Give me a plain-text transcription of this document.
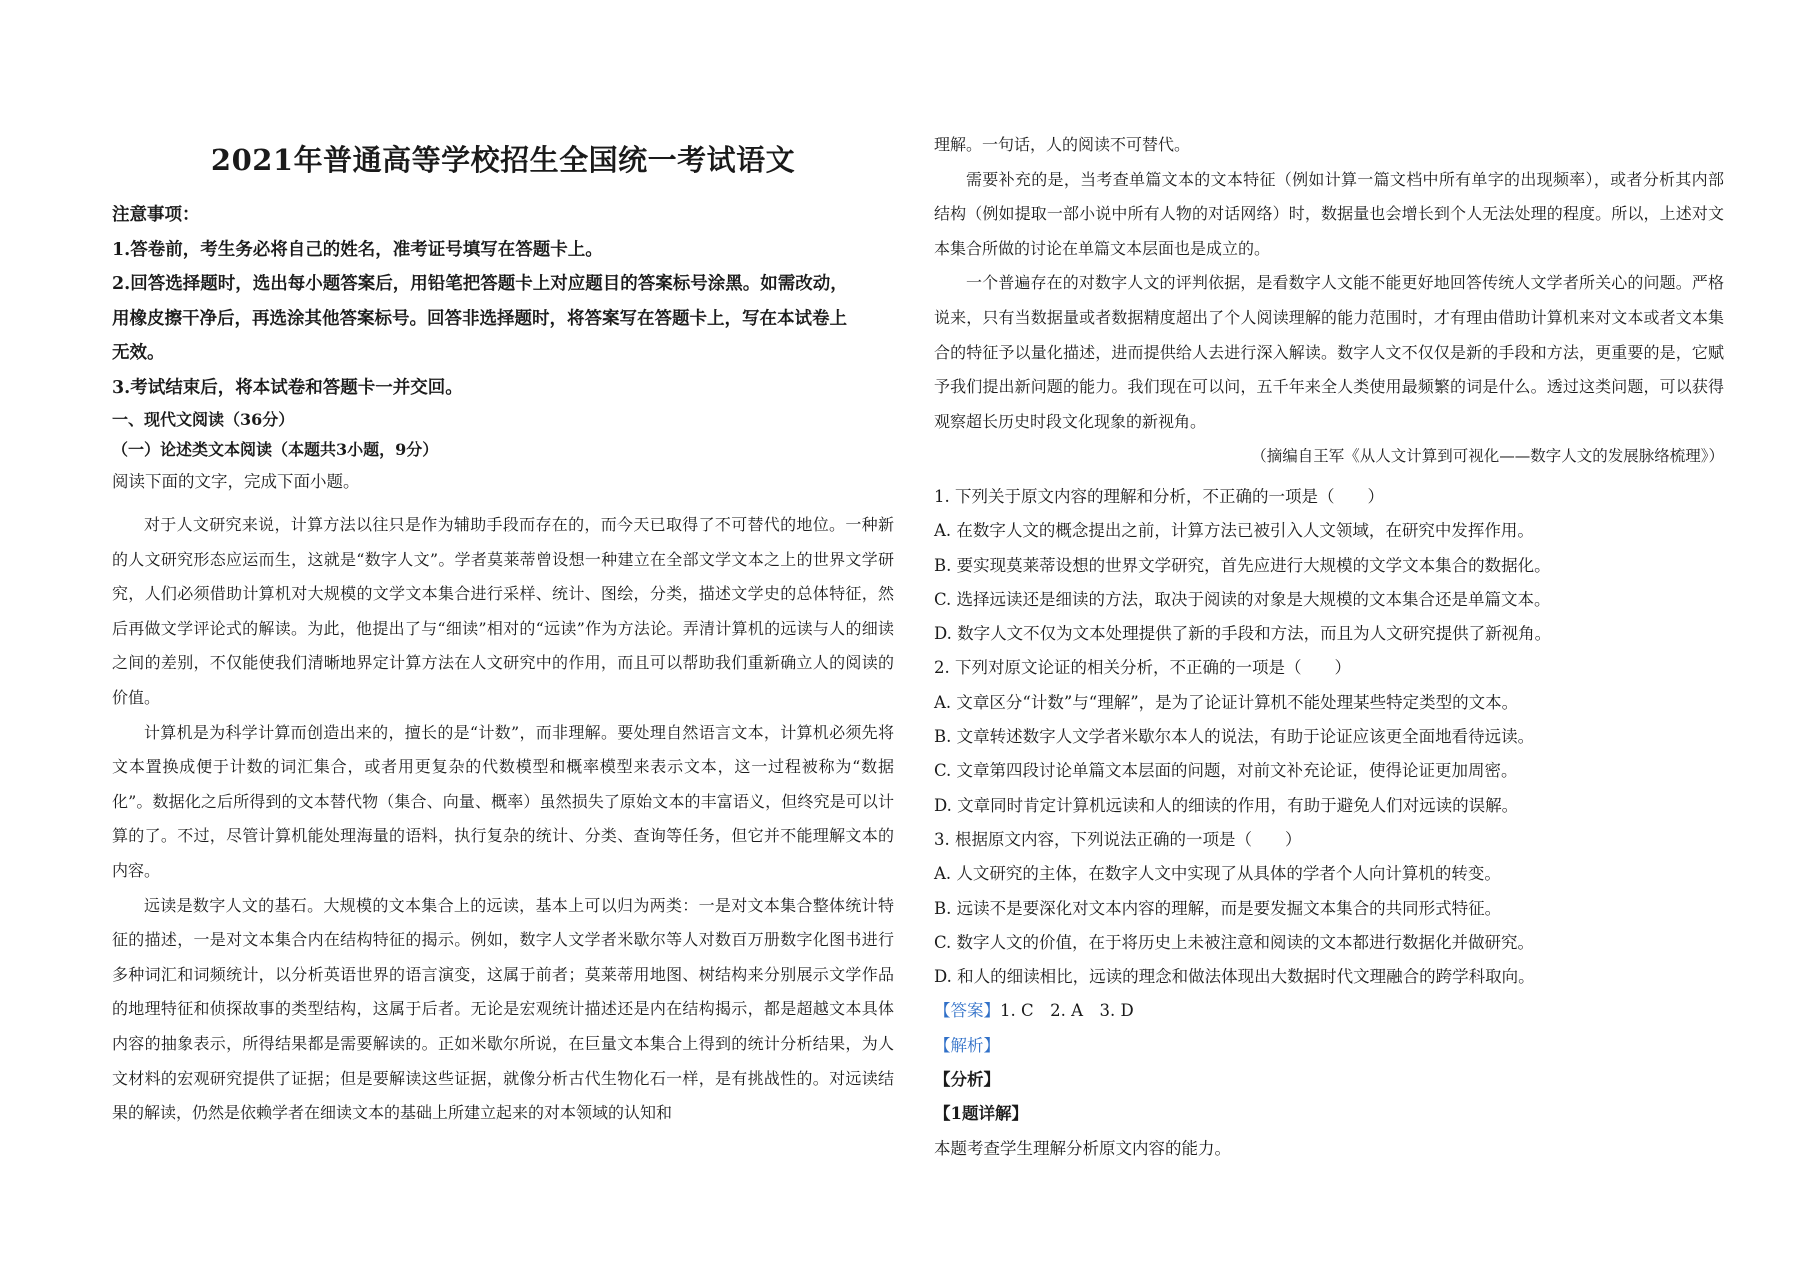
2021年普通高等学校招生全国统一考试语文
注意事项：
1.答卷前，考生务必将自己的姓名，准考证号填写在答题卡上。
2.回答选择题时，选出每小题答案后，用铅笔把答题卡上对应题目的答案标号涂黑。如需改动，
用橡皮擦干净后，再选涂其他答案标号。回答非选择题时，将答案写在答题卡上，写在本试卷上
无效。
3.考试结束后，将本试卷和答题卡一并交回。
一、现代文阅读（36分）
（一）论述类文本阅读（本题共3小题，9分）
阅读下面的文字，完成下面小题。

对于人文研究来说，计算方法以往只是作为辅助手段而存在的，而今天已取得了不可替代的地位。一种新的人文研究形态应运而生，这就是“数字人文”。学者莫莱蒂曾设想一种建立在全部文学文本之上的世界文学研究，人们必须借助计算机对大规模的文学文本集合进行采样、统计、图绘，分类，描述文学史的总体特征，然后再做文学评论式的解读。为此，他提出了与“细读”相对的“远读”作为方法论。弄清计算机的远读与人的细读之间的差别，不仅能使我们清晰地界定计算方法在人文研究中的作用，而且可以帮助我们重新确立人的阅读的价值。

计算机是为科学计算而创造出来的，擅长的是“计数”，而非理解。要处理自然语言文本，计算机必须先将文本置换成便于计数的词汇集合，或者用更复杂的代数模型和概率模型来表示文本，这一过程被称为“数据化”。数据化之后所得到的文本替代物（集合、向量、概率）虽然损失了原始文本的丰富语义，但终究是可以计算的了。不过，尽管计算机能处理海量的语料，执行复杂的统计、分类、查询等任务，但它并不能理解文本的内容。

远读是数字人文的基石。大规模的文本集合上的远读，基本上可以归为两类：一是对文本集合整体统计特征的描述，一是对文本集合内在结构特征的揭示。例如，数字人文学者米歇尔等人对数百万册数字化图书进行多种词汇和词频统计，以分析英语世界的语言演变，这属于前者；莫莱蒂用地图、树结构来分别展示文学作品的地理特征和侦探故事的类型结构，这属于后者。无论是宏观统计描述还是内在结构揭示，都是超越文本具体内容的抽象表示，所得结果都是需要解读的。正如米歇尔所说，在巨量文本集合上得到的统计分析结果，为人文材料的宏观研究提供了证据；但是要解读这些证据，就像分析古代生物化石一样，是有挑战性的。对远读结果的解读，仍然是依赖学者在细读文本的基础上所建立起来的对本领域的认知和

理解。一句话，人的阅读不可替代。

需要补充的是，当考查单篇文本的文本特征（例如计算一篇文档中所有单字的出现频率），或者分析其内部结构（例如提取一部小说中所有人物的对话网络）时，数据量也会增长到个人无法处理的程度。所以，上述对文本集合所做的讨论在单篇文本层面也是成立的。

一个普遍存在的对数字人文的评判依据，是看数字人文能不能更好地回答传统人文学者所关心的问题。严格说来，只有当数据量或者数据精度超出了个人阅读理解的能力范围时，才有理由借助计算机来对文本或者文本集合的特征予以量化描述，进而提供给人去进行深入解读。数字人文不仅仅是新的手段和方法，更重要的是，它赋予我们提出新问题的能力。我们现在可以问，五千年来全人类使用最频繁的词是什么。透过这类问题，可以获得观察超长历史时段文化现象的新视角。

（摘编自王军《从人文计算到可视化——数字人文的发展脉络梳理》）

1. 下列关于原文内容的理解和分析，不正确的一项是（　　）

A. 在数字人文的概念提出之前，计算方法已被引入人文领域，在研究中发挥作用。

B. 要实现莫莱蒂设想的世界文学研究，首先应进行大规模的文学文本集合的数据化。

C. 选择远读还是细读的方法，取决于阅读的对象是大规模的文本集合还是单篇文本。

D. 数字人文不仅为文本处理提供了新的手段和方法，而且为人文研究提供了新视角。

2. 下列对原文论证的相关分析，不正确的一项是（　　）

A. 文章区分“计数”与“理解”，是为了论证计算机不能处理某些特定类型的文本。

B. 文章转述数字人文学者米歇尔本人的说法，有助于论证应该更全面地看待远读。

C. 文章第四段讨论单篇文本层面的问题，对前文补充论证，使得论证更加周密。

D. 文章同时肯定计算机远读和人的细读的作用，有助于避免人们对远读的误解。

3. 根据原文内容，下列说法正确的一项是（　　）

A. 人文研究的主体，在数字人文中实现了从具体的学者个人向计算机的转变。

B. 远读不是要深化对文本内容的理解，而是要发掘文本集合的共同形式特征。

C. 数字人文的价值，在于将历史上未被注意和阅读的文本都进行数据化并做研究。

D. 和人的细读相比，远读的理念和做法体现出大数据时代文理融合的跨学科取向。

【答案】1. C　2. A　3. D

【解析】

【分析】

【1题详解】

本题考查学生理解分析原文内容的能力。
